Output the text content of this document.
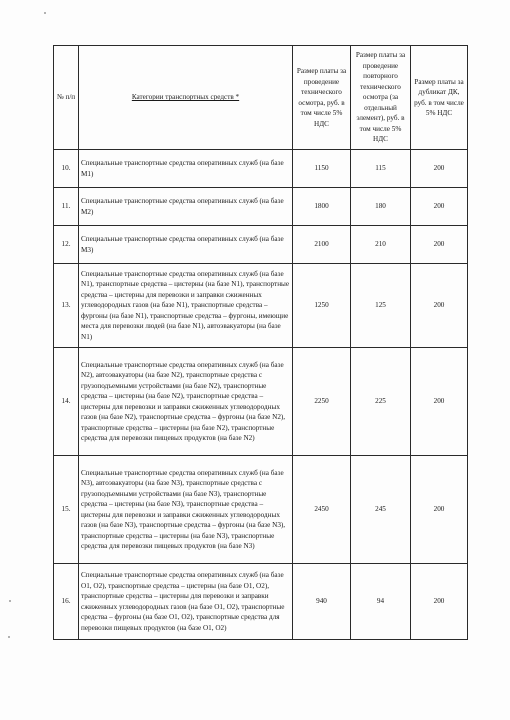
№ п/п	Категории транспортных средств *	Размер платы за проведение технического осмотра, руб. в том числе 5% НДС	Размер платы за проведение повторного технического осмотра (за отдельный элемент), руб. в том числе 5% НДС	Размер платы за дубликат ДК, руб. в том числе 5% НДС
10.	Специальные транспортные средства оперативных служб (на базе M1)	1150	115	200
11.	Специальные транспортные средства оперативных служб (на базе M2)	1800	180	200
12.	Специальные транспортные средства оперативных служб (на базе M3)	2100	210	200
13.	Специальные транспортные средства оперативных служб (на базе N1), транспортные средства – цистерны (на базе N1), транспортные средства – цистерны для перевозки и заправки сжиженных углеводородных газов (на базе N1), транспортные средства – фургоны (на базе N1), транспортные средства – фургоны, имеющие места для перевозки людей (на базе N1), автоэвакуаторы (на базе N1)	1250	125	200
14.	Специальные транспортные средства оперативных служб (на базе N2), автоэвакуаторы (на базе N2), транспортные средства с грузоподъемными устройствами (на базе N2), транспортные средства – цистерны (на базе N2), транспортные средства – цистерны для перевозки и заправки сжиженных углеводородных газов (на базе N2), транспортные средства – фургоны (на базе N2), транспортные средства – цистерны (на базе N2), транспортные средства для перевозки пищевых продуктов (на базе N2)	2250	225	200
15.	Специальные транспортные средства оперативных служб (на базе N3), автоэвакуаторы (на базе N3), транспортные средства с грузоподъемными устройствами (на базе N3), транспортные средства – цистерны (на базе N3), транспортные средства – цистерны для перевозки и заправки сжиженных углеводородных газов (на базе N3), транспортные средства – фургоны (на базе N3), транспортные средства – цистерны (на базе N3), транспортные средства для перевозки пищевых продуктов (на базе N3)	2450	245	200
16.	Специальные транспортные средства оперативных служб (на базе O1, O2), транспортные средства – цистерны (на базе O1, O2), транспортные средства – цистерны для перевозки и заправки сжиженных углеводородных газов (на базе O1, O2), транспортные средства – фургоны (на базе O1, O2), транспортные средства для перевозки пищевых продуктов (на базе O1, O2)	940	94	200
